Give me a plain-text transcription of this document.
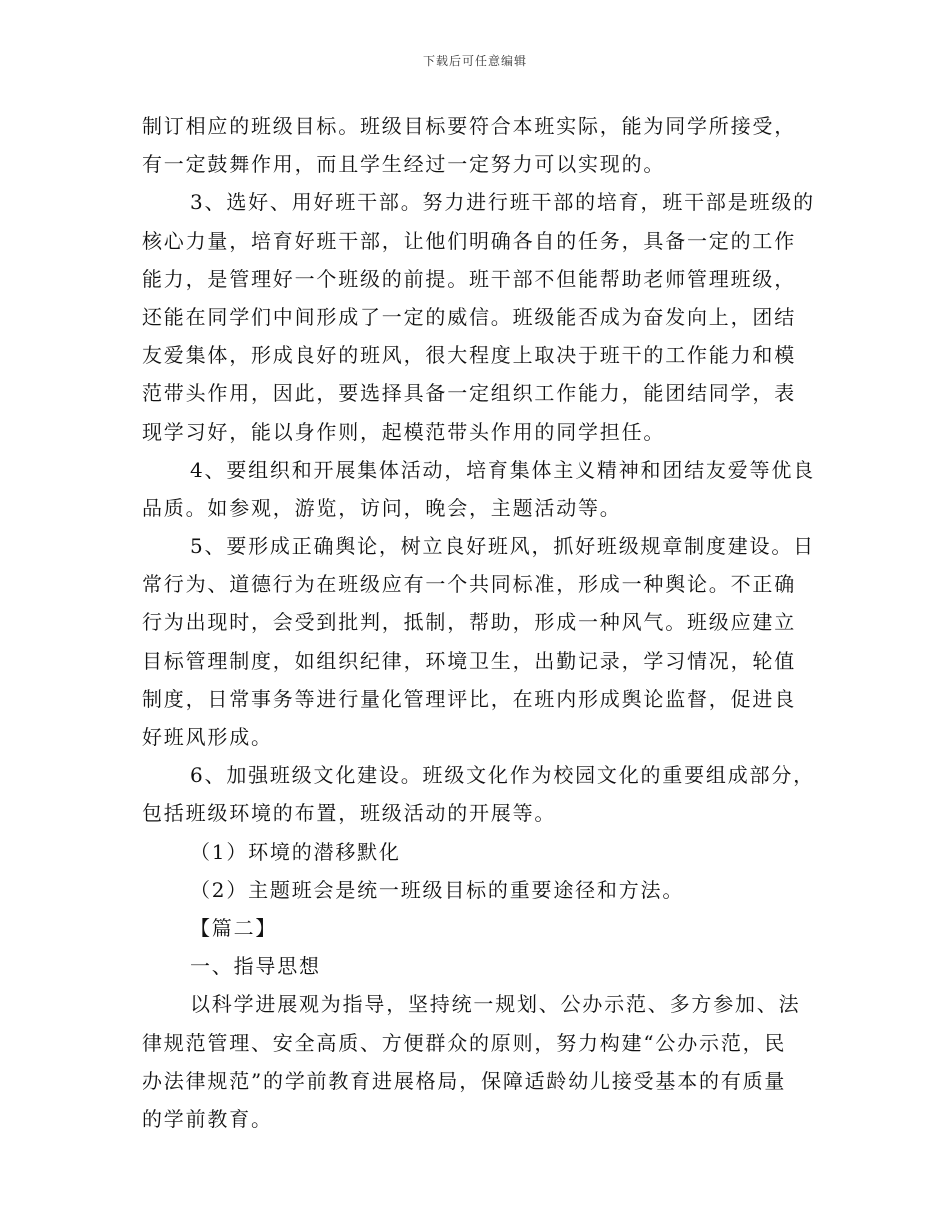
下载后可任意编辑
制订相应的班级目标。班级目标要符合本班实际，能为同学所接受，
有一定鼓舞作用，而且学生经过一定努力可以实现的。
3、选好、用好班干部。努力进行班干部的培育，班干部是班级的
核心力量，培育好班干部，让他们明确各自的任务，具备一定的工作
能力，是管理好一个班级的前提。班干部不但能帮助老师管理班级，
还能在同学们中间形成了一定的威信。班级能否成为奋发向上，团结
友爱集体，形成良好的班风，很大程度上取决于班干的工作能力和模
范带头作用，因此，要选择具备一定组织工作能力，能团结同学，表
现学习好，能以身作则，起模范带头作用的同学担任。
4、要组织和开展集体活动，培育集体主义精神和团结友爱等优良
品质。如参观，游览，访问，晚会，主题活动等。
5、要形成正确舆论，树立良好班风，抓好班级规章制度建设。日
常行为、道德行为在班级应有一个共同标准，形成一种舆论。不正确
行为出现时，会受到批判，抵制，帮助，形成一种风气。班级应建立
目标管理制度，如组织纪律，环境卫生，出勤记录，学习情况，轮值
制度，日常事务等进行量化管理评比，在班内形成舆论监督，促进良
好班风形成。
6、加强班级文化建设。班级文化作为校园文化的重要组成部分，
包括班级环境的布置，班级活动的开展等。
（1）环境的潜移默化
（2）主题班会是统一班级目标的重要途径和方法。
【篇二】
一、指导思想
以科学进展观为指导，坚持统一规划、公办示范、多方参加、法
律规范管理、安全高质、方便群众的原则，努力构建“公办示范，民
办法律规范”的学前教育进展格局，保障适龄幼儿接受基本的有质量
的学前教育。
